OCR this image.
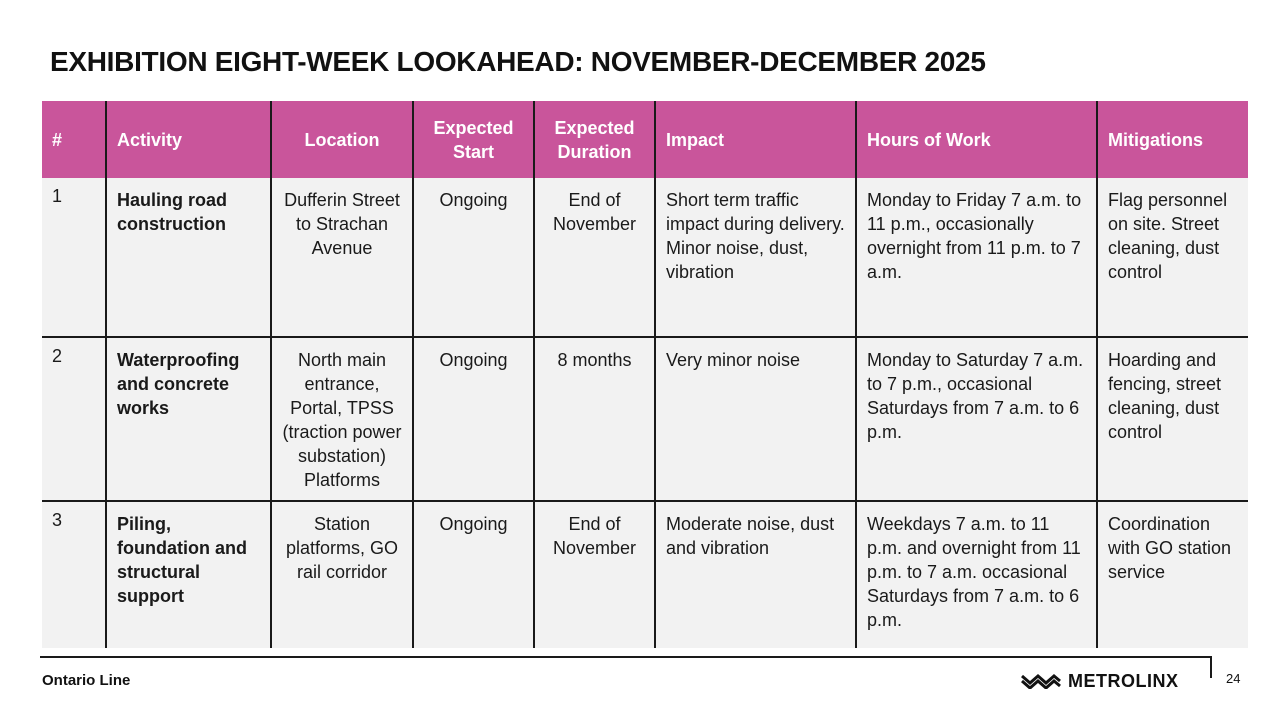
EXHIBITION EIGHT-WEEK LOOKAHEAD: NOVEMBER-DECEMBER 2025
#	Activity	Location	Expected Start	Expected Duration	Impact	Hours of Work	Mitigations
1	Hauling road construction	Dufferin Street to Strachan Avenue	Ongoing	End of November	Short term traffic impact during delivery. Minor noise, dust, vibration	Monday to Friday 7 a.m. to 11 p.m., occasionally overnight from 11 p.m. to 7 a.m.	Flag personnel on site. Street cleaning, dust control
2	Waterproofing and concrete works	North main entrance, Portal, TPSS (traction power substation) Platforms	Ongoing	8 months	Very minor noise	Monday to Saturday 7 a.m. to 7 p.m., occasional Saturdays from 7 a.m. to 6 p.m.	Hoarding and fencing, street cleaning, dust control
3	Piling, foundation and structural support	Station platforms, GO rail corridor	Ongoing	End of November	Moderate noise, dust and vibration	Weekdays 7 a.m. to 11 p.m. and overnight from 11 p.m. to 7 a.m. occasional Saturdays from 7 a.m. to 6 p.m.	Coordination with GO station service
Ontario Line	METROLINX	24
